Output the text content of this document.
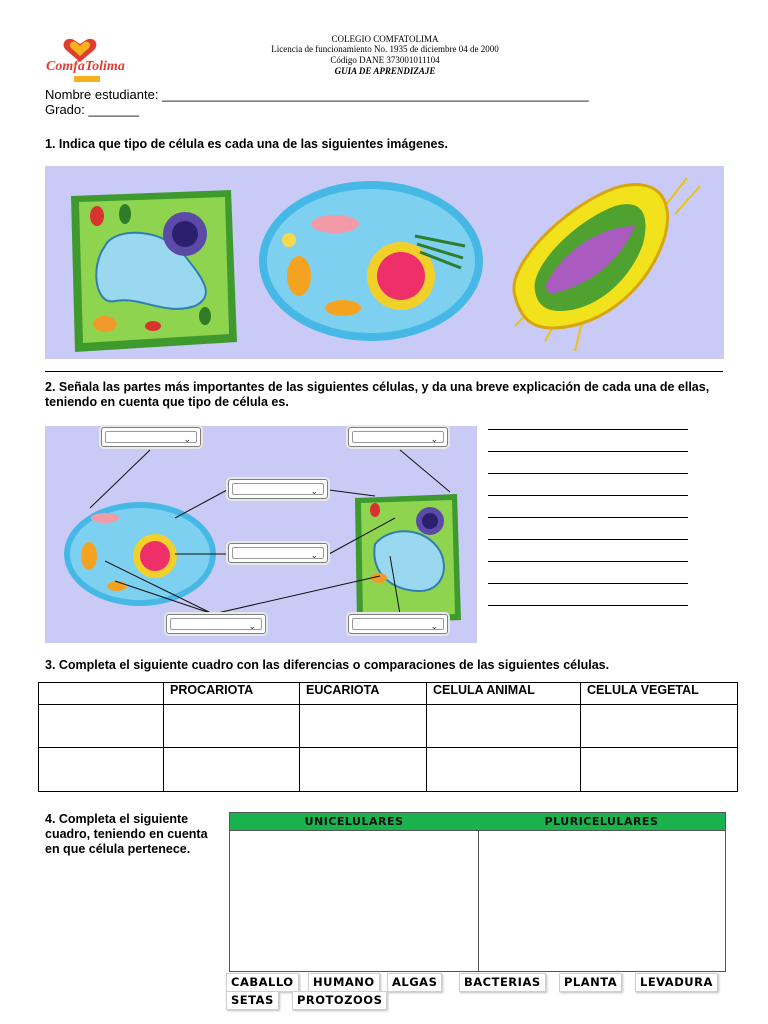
ComfaTolima
COLEGIO COMFATOLIMA
Licencia de funcionamiento No. 1935 de diciembre 04 de 2000
Código DANE 373001011104
GUIA DE APRENDIZAJE
Nombre estudiante: ___________________________________________________________
Grado: _______
1. Indica que tipo de célula es cada una de las siguientes imágenes.
2. Señala las partes más importantes de las siguientes células, y da una breve explicación de cada una de ellas, teniendo en cuenta que tipo de célula es.
⌄	⌄
⌄
⌄
⌄	⌄
3. Completa el siguiente cuadro con las diferencias o comparaciones de las siguientes células.
	PROCARIOTA	EUCARIOTA	CELULA ANIMAL	CELULA VEGETAL

4. Completa el siguiente cuadro, teniendo en cuenta en que célula pertenece.
UNICELULARES	PLURICELULARES
CABALLO	HUMANO	ALGAS	BACTERIAS	PLANTA	LEVADURA
SETAS	PROTOZOOS
